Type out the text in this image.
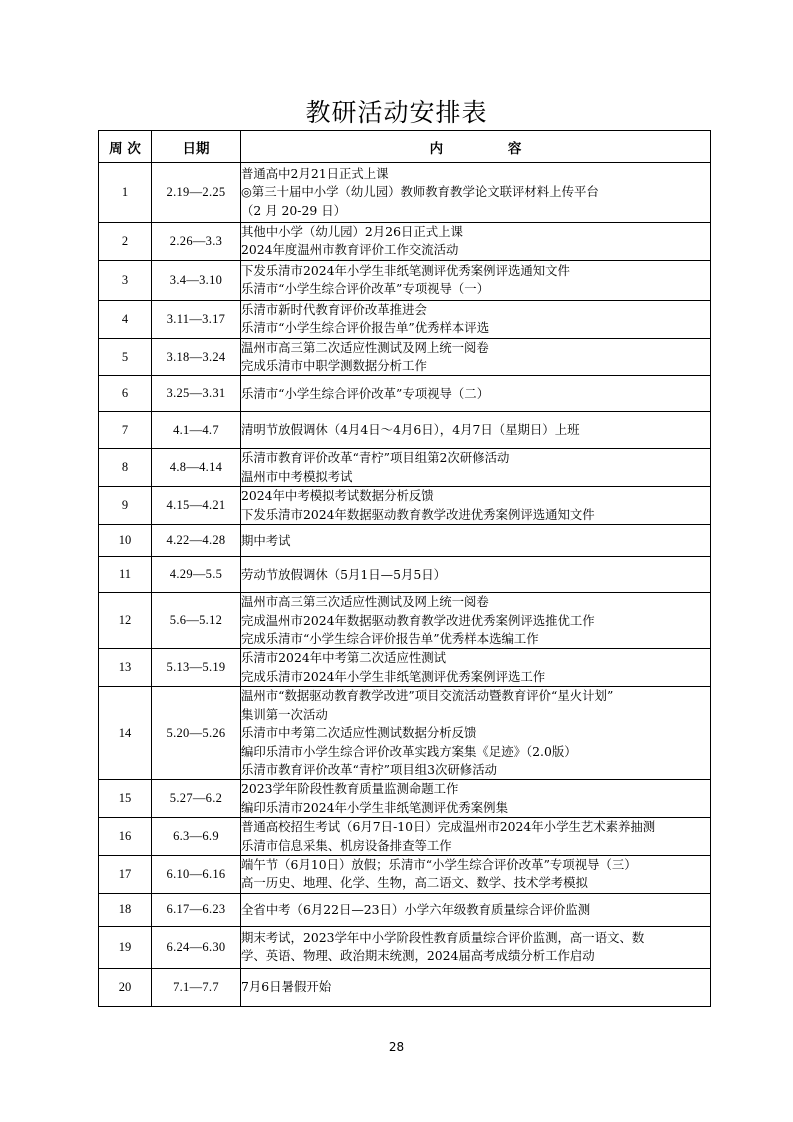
教研活动安排表
周 次	日期	内 容
1	2.19—2.25	普通高中2月21日正式上课
◎第三十届中小学（幼儿园）教师教育教学论文联评材料上传平台
（2 月 20-29 日）

2	2.26—3.3	其他中小学（幼儿园）2月26日正式上课
2024年度温州市教育评价工作交流活动

3	3.4—3.10	下发乐清市2024年小学生非纸笔测评优秀案例评选通知文件
乐清市“小学生综合评价改革”专项视导（一）

4	3.11—3.17	乐清市新时代教育评价改革推进会
乐清市“小学生综合评价报告单”优秀样本评选

5	3.18—3.24	温州市高三第二次适应性测试及网上统一阅卷
完成乐清市中职学测数据分析工作

6	3.25—3.31	乐清市“小学生综合评价改革”专项视导（二）

7	4.1—4.7	清明节放假调休（4月4日～4月6日），4月7日（星期日）上班

8	4.8—4.14	乐清市教育评价改革“青柠”项目组第2次研修活动
温州市中考模拟考试

9	4.15—4.21	2024年中考模拟考试数据分析反馈
下发乐清市2024年数据驱动教育教学改进优秀案例评选通知文件

10	4.22—4.28	期中考试

11	4.29—5.5	劳动节放假调休（5月1日—5月5日）

12	5.6—5.12	温州市高三第三次适应性测试及网上统一阅卷
完成温州市2024年数据驱动教育教学改进优秀案例评选推优工作
完成乐清市“小学生综合评价报告单”优秀样本选编工作

13	5.13—5.19	乐清市2024年中考第二次适应性测试
完成乐清市2024年小学生非纸笔测评优秀案例评选工作

14	5.20—5.26	温州市“数据驱动教育教学改进”项目交流活动暨教育评价“星火计划”
集训第一次活动
乐清市中考第二次适应性测试数据分析反馈
编印乐清市小学生综合评价改革实践方案集《足迹》（2.0版）
乐清市教育评价改革“青柠”项目组3次研修活动

15	5.27—6.2	2023学年阶段性教育质量监测命题工作
编印乐清市2024年小学生非纸笔测评优秀案例集

16	6.3—6.9	普通高校招生考试（6月7日-10日）完成温州市2024年小学生艺术素养抽测
乐清市信息采集、机房设备排查等工作

17	6.10—6.16	端午节（6月10日）放假；乐清市“小学生综合评价改革”专项视导（三）
高一历史、地理、化学、生物，高二语文、数学、技术学考模拟

18	6.17—6.23	全省中考（6月22日—23日）小学六年级教育质量综合评价监测

19	6.24—6.30	期末考试，2023学年中小学阶段性教育质量综合评价监测，高一语文、数
学、英语、物理、政治期末统测，2024届高考成绩分析工作启动

20	7.1—7.7	7月6日暑假开始
28
